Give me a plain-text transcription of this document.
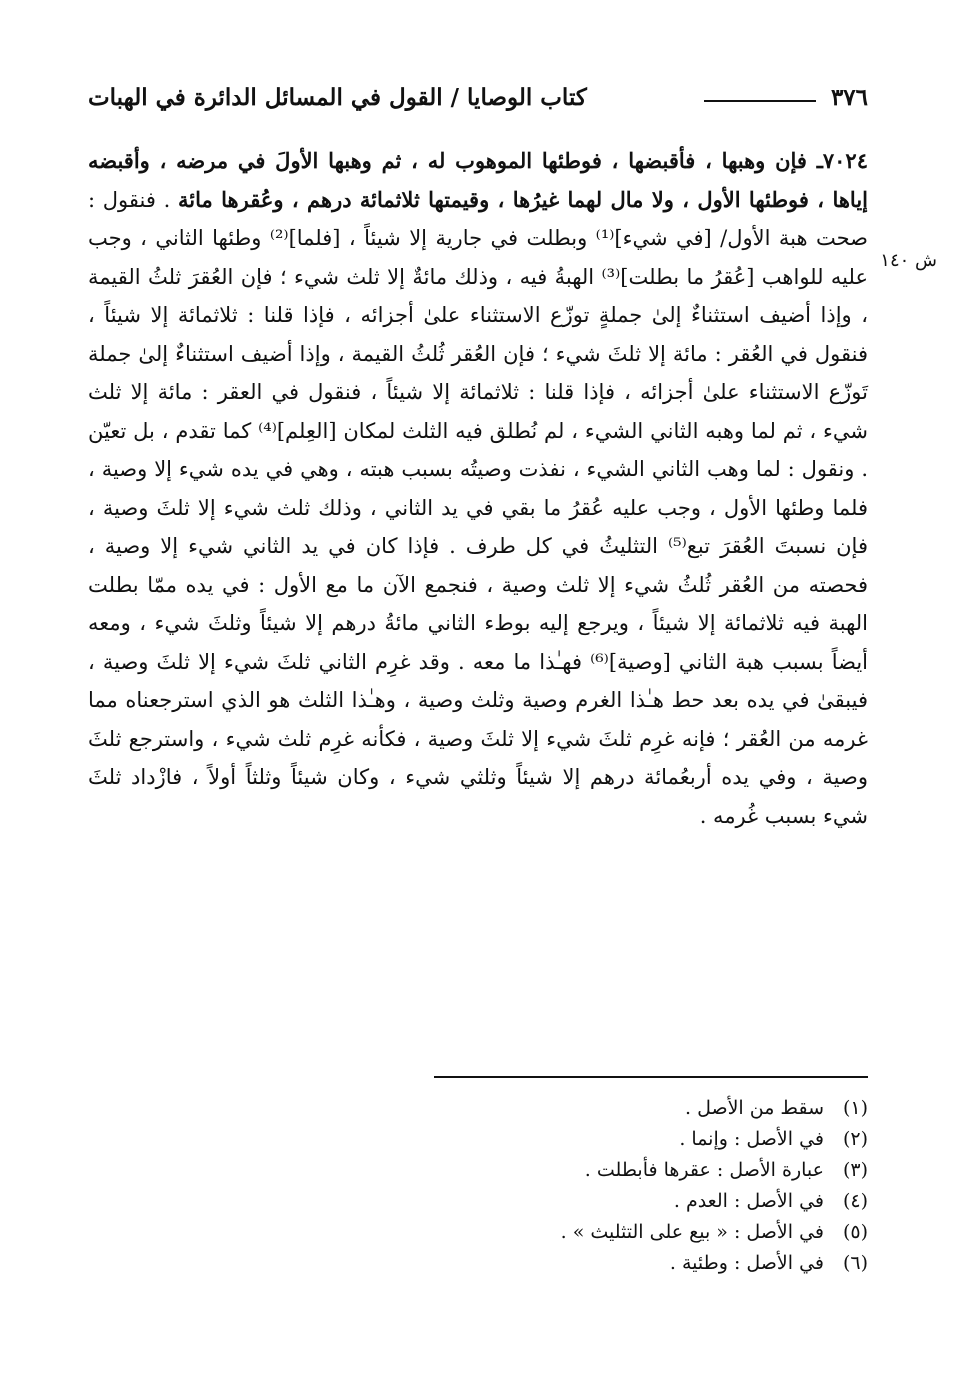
٣٧٦
كتاب الوصايا / القول في المسائل الدائرة في الهبات
ش ١٤٠

٧٠٢٤ـ فإن وهبها ، فأقبضها ، فوطئها الموهوب له ، ثم وهبها الأولَ في مرضه ، وأقبضه إياها ، فوطئها الأول ، ولا مال لهما غيرُها ، وقيمتها ثلاثمائة درهم ، وعُقرها مائة . فنقول : صحت هبة الأول/ [في شيء]⁽¹⁾ وبطلت في جارية إلا شيئاً ، [فلما]⁽²⁾ وطئها الثاني ، وجب عليه للواهب [عُقرُ ما بطلت]⁽³⁾ الهبةُ فيه ، وذلك مائةٌ إلا ثلث شيء ؛ فإن العُقرَ ثلثُ القيمة ، وإذا أضيف استثناءٌ إلىٰ جملةٍ توزّع الاستثناء علىٰ أجزائه ، فإذا قلنا : ثلاثمائة إلا شيئاً ، فنقول في العُقر : مائة إلا ثلثَ شيء ؛ فإن العُقر ثُلثُ القيمة ، وإذا أضيف استثناءٌ إلىٰ جملة تَوزّع الاستثناء علىٰ أجزائه ، فإذا قلنا : ثلاثمائة إلا شيئاً ، فنقول في العقر : مائة إلا ثلث شيء ، ثم لما وهبه الثاني الشيء ، لم نُطلق فيه الثلث لمكان [العِلم]⁽⁴⁾ كما تقدم ، بل تعيّن . ونقول : لما وهب الثاني الشيء ، نفذت وصيتُه بسبب هبته ، وهي في يده شيء إلا وصية ، فلما وطئها الأول ، وجب عليه عُقرُ ما بقي في يد الثاني ، وذلك ثلث شيء إلا ثلثَ وصية ، فإن نسبتَ العُقرَ تبع⁽⁵⁾ التثليثُ في كل طرف . فإذا كان في يد الثاني شيء إلا وصية ، فحصته من العُقر ثُلثُ شيء إلا ثلث وصية ، فنجمع الآن ما مع الأول : في يده ممّا بطلت الهبة فيه ثلاثمائة إلا شيئاً ، ويرجع إليه بوطء الثاني مائةُ درهم إلا شيئاً وثلثَ شيء ، ومعه أيضاً بسبب هبة الثاني [وصية]⁽⁶⁾ فهـٰذا ما معه . وقد غرِم الثاني ثلثَ شيء إلا ثلثَ وصية ، فيبقىٰ في يده بعد حط هـٰذا الغرم وصية وثلث وصية ، وهـٰذا الثلث هو الذي استرجعناه مما غرمه من العُقر ؛ فإنه غرِم ثلثَ شيء إلا ثلثَ وصية ، فكأنه غرِم ثلث شيء ، واسترجع ثلثَ وصية ، وفي يده أربعُمائة درهم إلا شيئاً وثلثي شيء ، وكان شيئاً وثلثاً أولاً ، فازْداد ثلثَ شيء بسبب غُرمه .

(١)سقط من الأصل .
(٢)في الأصل : وإنما .
(٣)عبارة الأصل : عقرها فأبطلت .
(٤)في الأصل : العدم .
(٥)في الأصل : « بيع على التثليث » .
(٦)في الأصل : وطئية .
